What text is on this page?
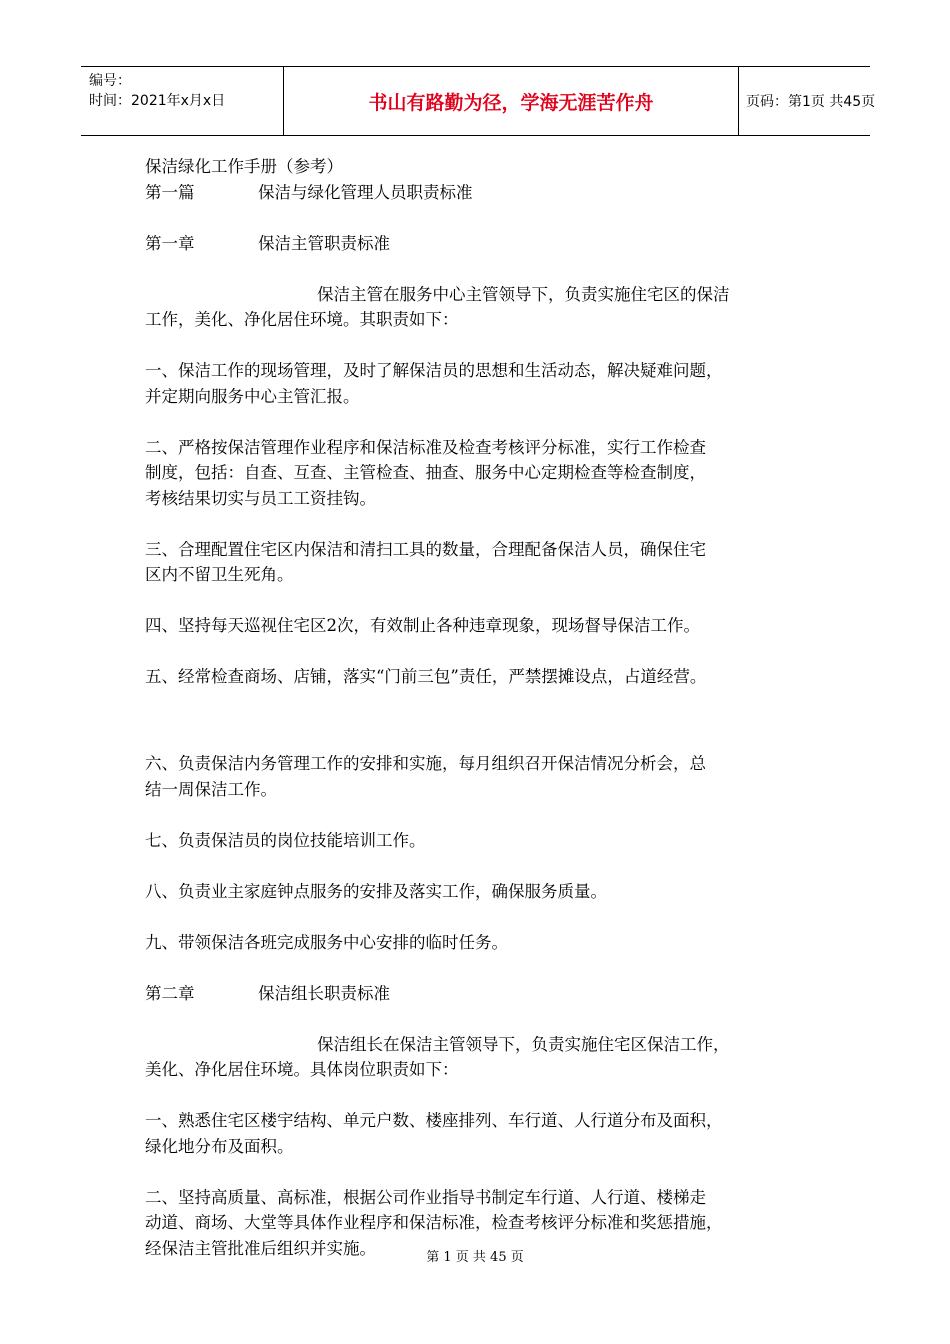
编号：
时间：2021年x月x日	书山有路勤为径，学海无涯苦作舟	页码：第1页 共45页
保洁绿化工作手册（参考）
第一篇	保洁与绿化管理人员职责标准
第一章	保洁主管职责标准
保洁主管在服务中心主管领导下，负责实施住宅区的保洁
工作，美化、净化居住环境。其职责如下：
一、保洁工作的现场管理，及时了解保洁员的思想和生活动态，解决疑难问题，
并定期向服务中心主管汇报。
二、严格按保洁管理作业程序和保洁标准及检查考核评分标准，实行工作检查
制度，包括：自查、互查、主管检查、抽查、服务中心定期检查等检查制度，
考核结果切实与员工工资挂钩。
三、合理配置住宅区内保洁和清扫工具的数量，合理配备保洁人员，确保住宅
区内不留卫生死角。
四、坚持每天巡视住宅区2次，有效制止各种违章现象，现场督导保洁工作。
五、经常检查商场、店铺，落实“门前三包”责任，严禁摆摊设点，占道经营。
六、负责保洁内务管理工作的安排和实施，每月组织召开保洁情况分析会，总
结一周保洁工作。
七、负责保洁员的岗位技能培训工作。
八、负责业主家庭钟点服务的安排及落实工作，确保服务质量。
九、带领保洁各班完成服务中心安排的临时任务。
第二章	保洁组长职责标准
保洁组长在保洁主管领导下，负责实施住宅区保洁工作，
美化、净化居住环境。具体岗位职责如下：
一、熟悉住宅区楼宇结构、单元户数、楼座排列、车行道、人行道分布及面积，
绿化地分布及面积。
二、坚持高质量、高标准，根据公司作业指导书制定车行道、人行道、楼梯走
动道、商场、大堂等具体作业程序和保洁标准，检查考核评分标准和奖惩措施，
经保洁主管批准后组织并实施。	第 1 页 共 45 页
